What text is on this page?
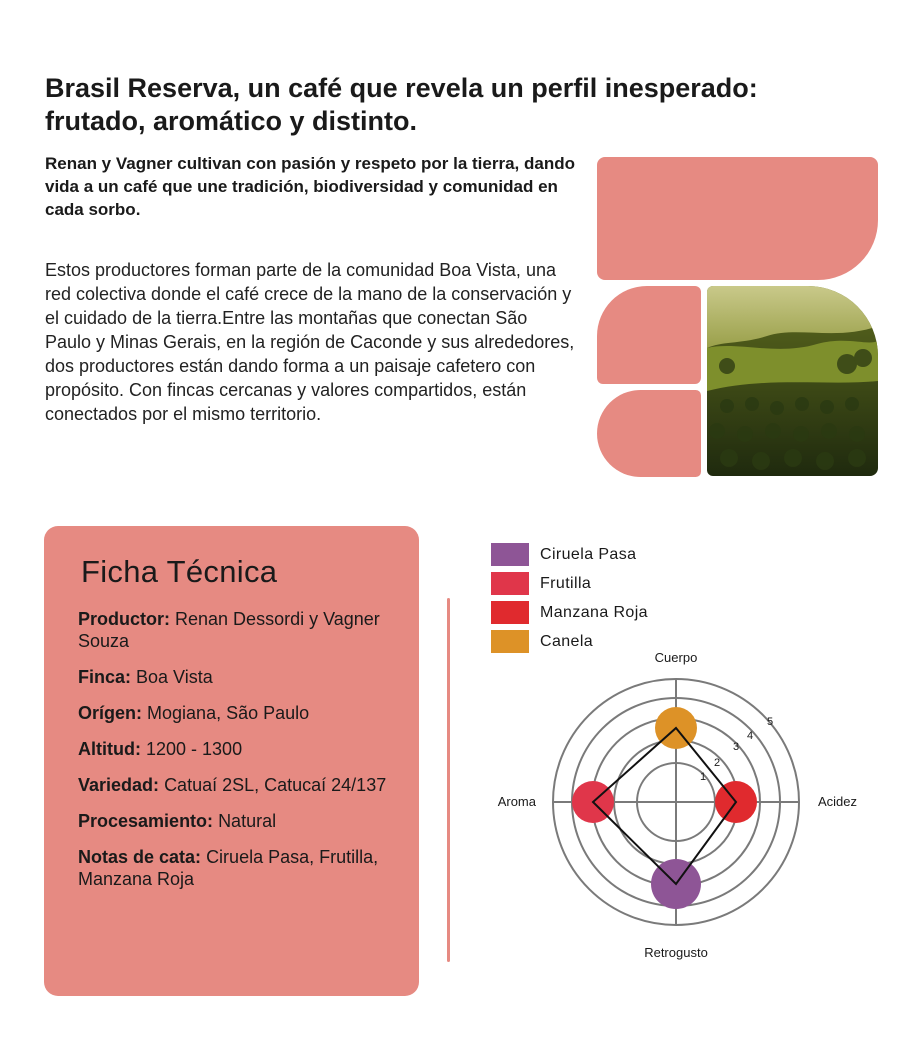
Brasil Reserva, un café que revela un perfil inesperado: frutado, aromático y distinto.

Renan y Vagner cultivan con pasión y respeto por la tierra, dando vida a un café que une tradición, biodiversidad y comunidad en cada sorbo.

Estos productores forman parte de la comunidad Boa Vista, una red colectiva donde el café crece de la mano de la conservación y el cuidado de la tierra.Entre las montañas que conectan São Paulo y Minas Gerais, en la región de Caconde y sus alrededores, dos productores están dando forma a un paisaje cafetero con propósito. Con fincas cercanas y valores compartidos, están conectados por el mismo territorio.

Ficha Técnica
Productor: Renan Dessordi y Vagner Souza
Finca: Boa Vista
Orígen: Mogiana, São Paulo
Altitud: 1200 - 1300
Variedad: Catuaí 2SL, Catucaí 24/137
Procesamiento: Natural
Notas de cata: Ciruela Pasa, Frutilla, Manzana Roja
Ciruela Pasa
Frutilla
Manzana Roja
Canela
1
2
3
4
5
Cuerpo
Acidez
Retrogusto
Aroma
